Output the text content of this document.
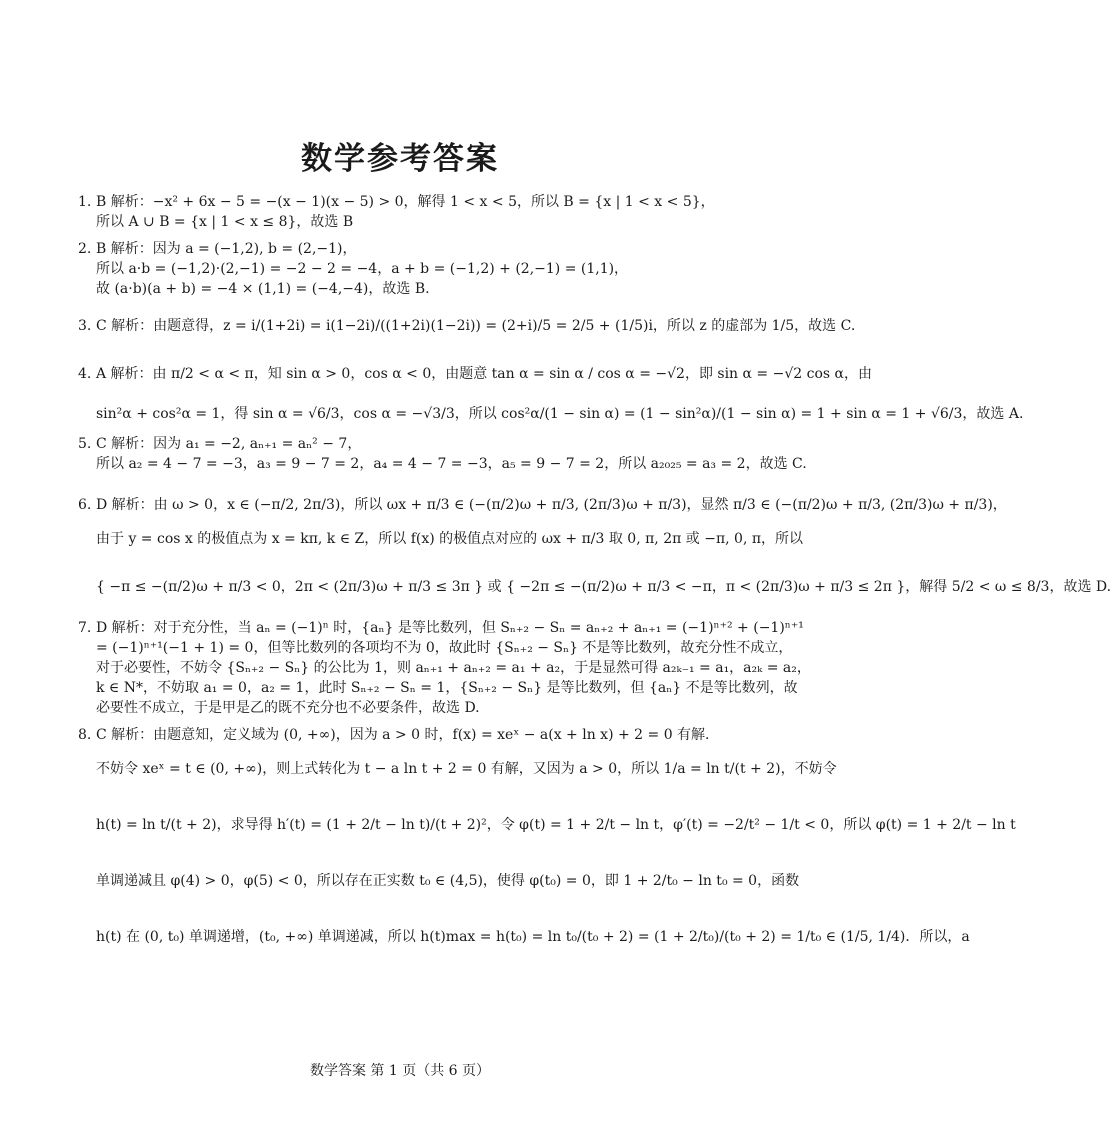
数学参考答案
1. B 解析：−x² + 6x − 5 = −(x − 1)(x − 5) > 0，解得 1 < x < 5，所以 B = {x | 1 < x < 5}，
所以 A ∪ B = {x | 1 < x ≤ 8}，故选 B
2. B 解析：因为 a = (−1,2), b = (2,−1)，
所以 a·b = (−1,2)·(2,−1) = −2 − 2 = −4，a + b = (−1,2) + (2,−1) = (1,1)，
故 (a·b)(a + b) = −4 × (1,1) = (−4,−4)，故选 B.
3. C 解析：由题意得，z = i/(1+2i) = i(1−2i)/((1+2i)(1−2i)) = (2+i)/5 = 2/5 + (1/5)i，所以 z 的虚部为 1/5，故选 C.
4. A 解析：由 π/2 < α < π，知 sin α > 0，cos α < 0，由题意 tan α = sin α / cos α = −√2，即 sin α = −√2 cos α，由
sin²α + cos²α = 1，得 sin α = √6/3，cos α = −√3/3，所以 cos²α/(1 − sin α) = (1 − sin²α)/(1 − sin α) = 1 + sin α = 1 + √6/3，故选 A.
5. C 解析：因为 a₁ = −2, aₙ₊₁ = aₙ² − 7，
所以 a₂ = 4 − 7 = −3，a₃ = 9 − 7 = 2，a₄ = 4 − 7 = −3，a₅ = 9 − 7 = 2，所以 a₂₀₂₅ = a₃ = 2，故选 C.
6. D 解析：由 ω > 0，x ∈ (−π/2, 2π/3)，所以 ωx + π/3 ∈ (−(π/2)ω + π/3, (2π/3)ω + π/3)，显然 π/3 ∈ (−(π/2)ω + π/3, (2π/3)ω + π/3)，
由于 y = cos x 的极值点为 x = kπ, k ∈ Z，所以 f(x) 的极值点对应的 ωx + π/3 取 0, π, 2π 或 −π, 0, π，所以
{ −π ≤ −(π/2)ω + π/3 < 0，2π < (2π/3)ω + π/3 ≤ 3π } 或 { −2π ≤ −(π/2)ω + π/3 < −π，π < (2π/3)ω + π/3 ≤ 2π }，解得 5/2 < ω ≤ 8/3，故选 D.
7. D 解析：对于充分性，当 aₙ = (−1)ⁿ 时，{aₙ} 是等比数列，但 Sₙ₊₂ − Sₙ = aₙ₊₂ + aₙ₊₁ = (−1)ⁿ⁺² + (−1)ⁿ⁺¹
= (−1)ⁿ⁺¹(−1 + 1) = 0，但等比数列的各项均不为 0，故此时 {Sₙ₊₂ − Sₙ} 不是等比数列，故充分性不成立，
对于必要性，不妨令 {Sₙ₊₂ − Sₙ} 的公比为 1，则 aₙ₊₁ + aₙ₊₂ = a₁ + a₂，于是显然可得 a₂ₖ₋₁ = a₁，a₂ₖ = a₂，
k ∈ N*，不妨取 a₁ = 0，a₂ = 1，此时 Sₙ₊₂ − Sₙ = 1，{Sₙ₊₂ − Sₙ} 是等比数列，但 {aₙ} 不是等比数列，故
必要性不成立，于是甲是乙的既不充分也不必要条件，故选 D.
8. C 解析：由题意知，定义域为 (0, +∞)，因为 a > 0 时，f(x) = xeˣ − a(x + ln x) + 2 = 0 有解.
不妨令 xeˣ = t ∈ (0, +∞)，则上式转化为 t − a ln t + 2 = 0 有解，又因为 a > 0，所以 1/a = ln t/(t + 2)，不妨令
h(t) = ln t/(t + 2)，求导得 h′(t) = (1 + 2/t − ln t)/(t + 2)²，令 φ(t) = 1 + 2/t − ln t，φ′(t) = −2/t² − 1/t < 0，所以 φ(t) = 1 + 2/t − ln t
单调递减且 φ(4) > 0，φ(5) < 0，所以存在正实数 t₀ ∈ (4,5)，使得 φ(t₀) = 0，即 1 + 2/t₀ − ln t₀ = 0，函数
h(t) 在 (0, t₀) 单调递增，(t₀, +∞) 单调递减，所以 h(t)max = h(t₀) = ln t₀/(t₀ + 2) = (1 + 2/t₀)/(t₀ + 2) = 1/t₀ ∈ (1/5, 1/4)．所以，a
数学答案 第 1 页（共 6 页）
